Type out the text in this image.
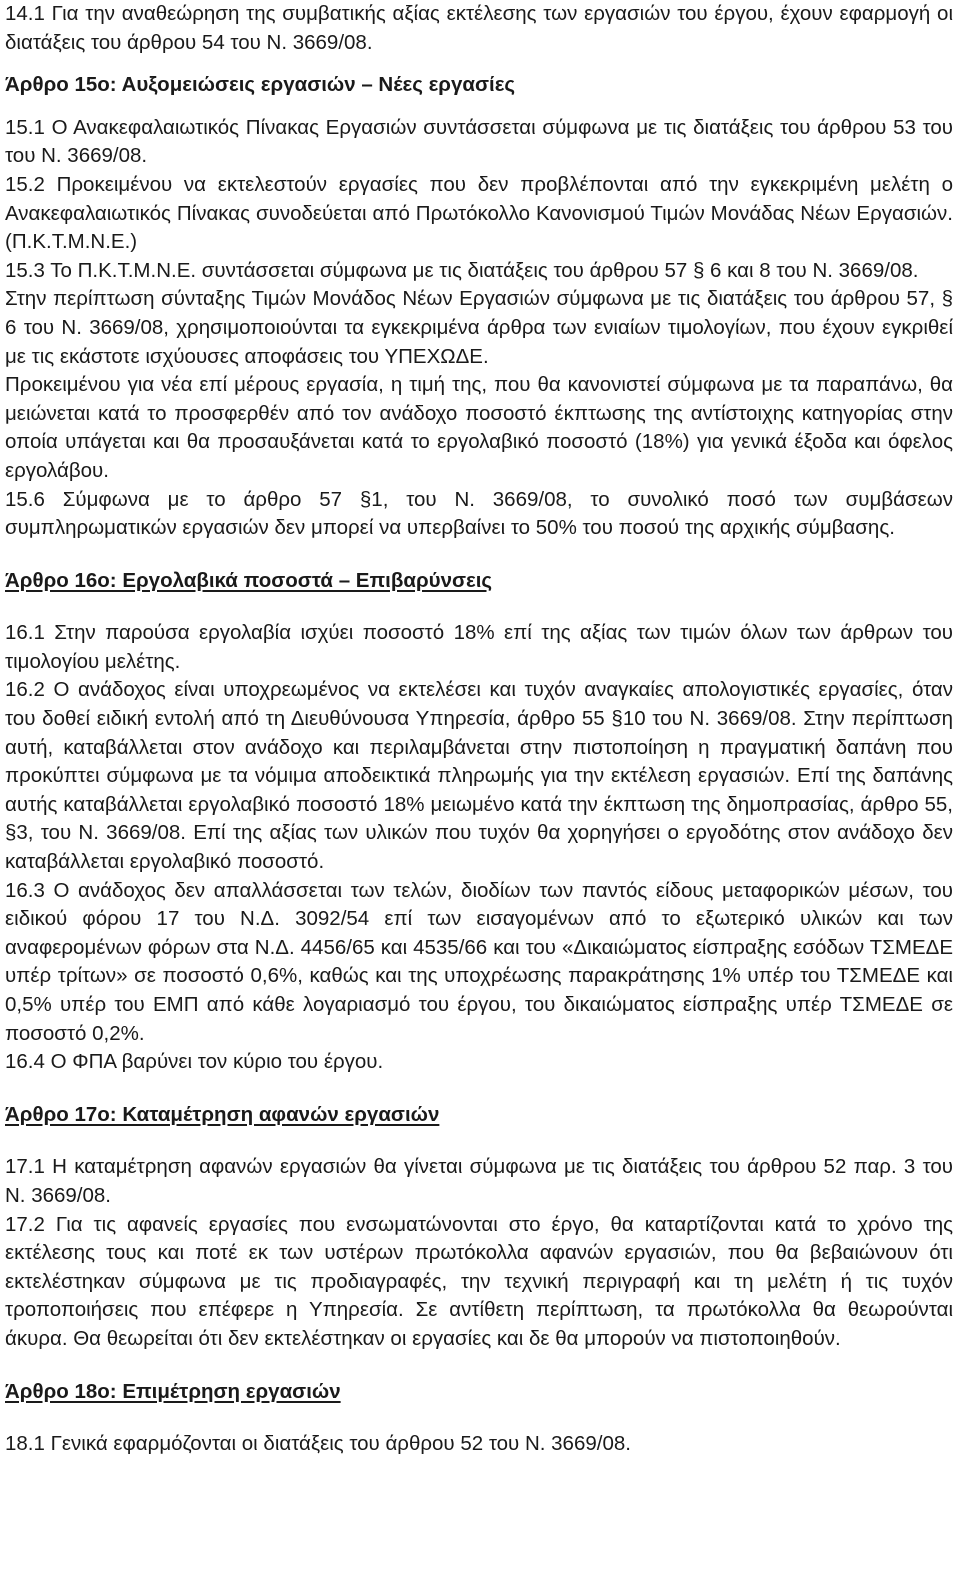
14.1 Για την αναθεώρηση της συμβατικής αξίας εκτέλεσης των εργασιών του έργου, έχουν εφαρμογή οι διατάξεις του άρθρου 54 του Ν. 3669/08.

Άρθρο 15ο: Αυξομειώσεις εργασιών – Νέες εργασίες

15.1 Ο Ανακεφαλαιωτικός Πίνακας Εργασιών συντάσσεται σύμφωνα με τις διατάξεις του άρθρου 53 του του Ν. 3669/08.

15.2 Προκειμένου να εκτελεστούν εργασίες που δεν προβλέπονται από την εγκεκριμένη μελέτη ο Ανακεφαλαιωτικός Πίνακας συνοδεύεται από Πρωτόκολλο Κανονισμού Τιμών Μονάδας Νέων Εργασιών. (Π.Κ.Τ.Μ.Ν.Ε.)

15.3 Το Π.Κ.Τ.Μ.Ν.Ε. συντάσσεται σύμφωνα με τις διατάξεις του άρθρου 57 § 6 και 8 του Ν. 3669/08.

Στην περίπτωση σύνταξης Τιμών Μονάδος Νέων Εργασιών σύμφωνα με τις διατάξεις του άρθρου 57, § 6 του Ν. 3669/08, χρησιμοποιούνται τα εγκεκριμένα άρθρα των ενιαίων τιμολογίων, που έχουν εγκριθεί με τις εκάστοτε ισχύουσες αποφάσεις του ΥΠΕΧΩΔΕ.

Προκειμένου για νέα επί μέρους εργασία, η τιμή της, που θα κανονιστεί σύμφωνα με τα παραπάνω, θα μειώνεται κατά το προσφερθέν από τον ανάδοχο ποσοστό έκπτωσης της αντίστοιχης κατηγορίας στην οποία υπάγεται και θα προσαυξάνεται κατά το εργολαβικό ποσοστό (18%) για γενικά έξοδα και όφελος εργολάβου.

15.6 Σύμφωνα με το άρθρο 57 §1, του Ν. 3669/08, το συνολικό ποσό των συμβάσεων συμπληρωματικών εργασιών δεν μπορεί να υπερβαίνει το 50% του ποσού της αρχικής σύμβασης.

Άρθρο 16ο: Εργολαβικά ποσοστά – Επιβαρύνσεις

16.1 Στην παρούσα εργολαβία ισχύει ποσοστό 18% επί της αξίας των τιμών όλων των άρθρων του τιμολογίου μελέτης.

16.2 Ο ανάδοχος είναι υποχρεωμένος να εκτελέσει και τυχόν αναγκαίες απολογιστικές εργασίες, όταν του δοθεί ειδική εντολή από τη Διευθύνουσα Υπηρεσία, άρθρο 55 §10 του Ν. 3669/08. Στην περίπτωση αυτή, καταβάλλεται στον ανάδοχο και περιλαμβάνεται στην πιστοποίηση η πραγματική δαπάνη που προκύπτει σύμφωνα με τα νόμιμα αποδεικτικά πληρωμής για την εκτέλεση εργασιών. Επί της δαπάνης αυτής καταβάλλεται εργολαβικό ποσοστό 18% μειωμένο κατά την έκπτωση της δημοπρασίας, άρθρο 55, §3, του Ν. 3669/08. Επί της αξίας των υλικών που τυχόν θα χορηγήσει ο εργοδότης στον ανάδοχο δεν καταβάλλεται εργολαβικό ποσοστό.

16.3 Ο ανάδοχος δεν απαλλάσσεται των τελών, διοδίων των παντός είδους μεταφορικών μέσων, του ειδικού φόρου 17 του Ν.Δ. 3092/54 επί των εισαγομένων από το εξωτερικό υλικών και των αναφερομένων φόρων στα Ν.Δ. 4456/65 και 4535/66 και του «Δικαιώματος είσπραξης εσόδων ΤΣΜΕΔΕ υπέρ τρίτων» σε ποσοστό 0,6%, καθώς και της υποχρέωσης παρακράτησης 1% υπέρ του ΤΣΜΕΔΕ και 0,5% υπέρ του ΕΜΠ από κάθε λογαριασμό του έργου, του δικαιώματος είσπραξης υπέρ ΤΣΜΕΔΕ σε ποσοστό 0,2%.

16.4 Ο ΦΠΑ βαρύνει τον κύριο του έργου.

Άρθρο 17ο: Καταμέτρηση αφανών εργασιών

17.1 Η καταμέτρηση αφανών εργασιών θα γίνεται σύμφωνα με τις διατάξεις του άρθρου 52 παρ. 3 του Ν. 3669/08.

17.2 Για τις αφανείς εργασίες που ενσωματώνονται στο έργο, θα καταρτίζονται κατά το χρόνο της εκτέλεσης τους και ποτέ εκ των υστέρων πρωτόκολλα αφανών εργασιών, που θα βεβαιώνουν ότι εκτελέστηκαν σύμφωνα με τις προδιαγραφές, την τεχνική περιγραφή και τη μελέτη ή τις τυχόν τροποποιήσεις που επέφερε η Υπηρεσία. Σε αντίθετη περίπτωση, τα πρωτόκολλα θα θεωρούνται άκυρα. Θα θεωρείται ότι δεν εκτελέστηκαν οι εργασίες και δε θα μπορούν να πιστοποιηθούν.

Άρθρο 18ο: Επιμέτρηση εργασιών

18.1 Γενικά εφαρμόζονται οι διατάξεις του άρθρου 52 του Ν. 3669/08.
